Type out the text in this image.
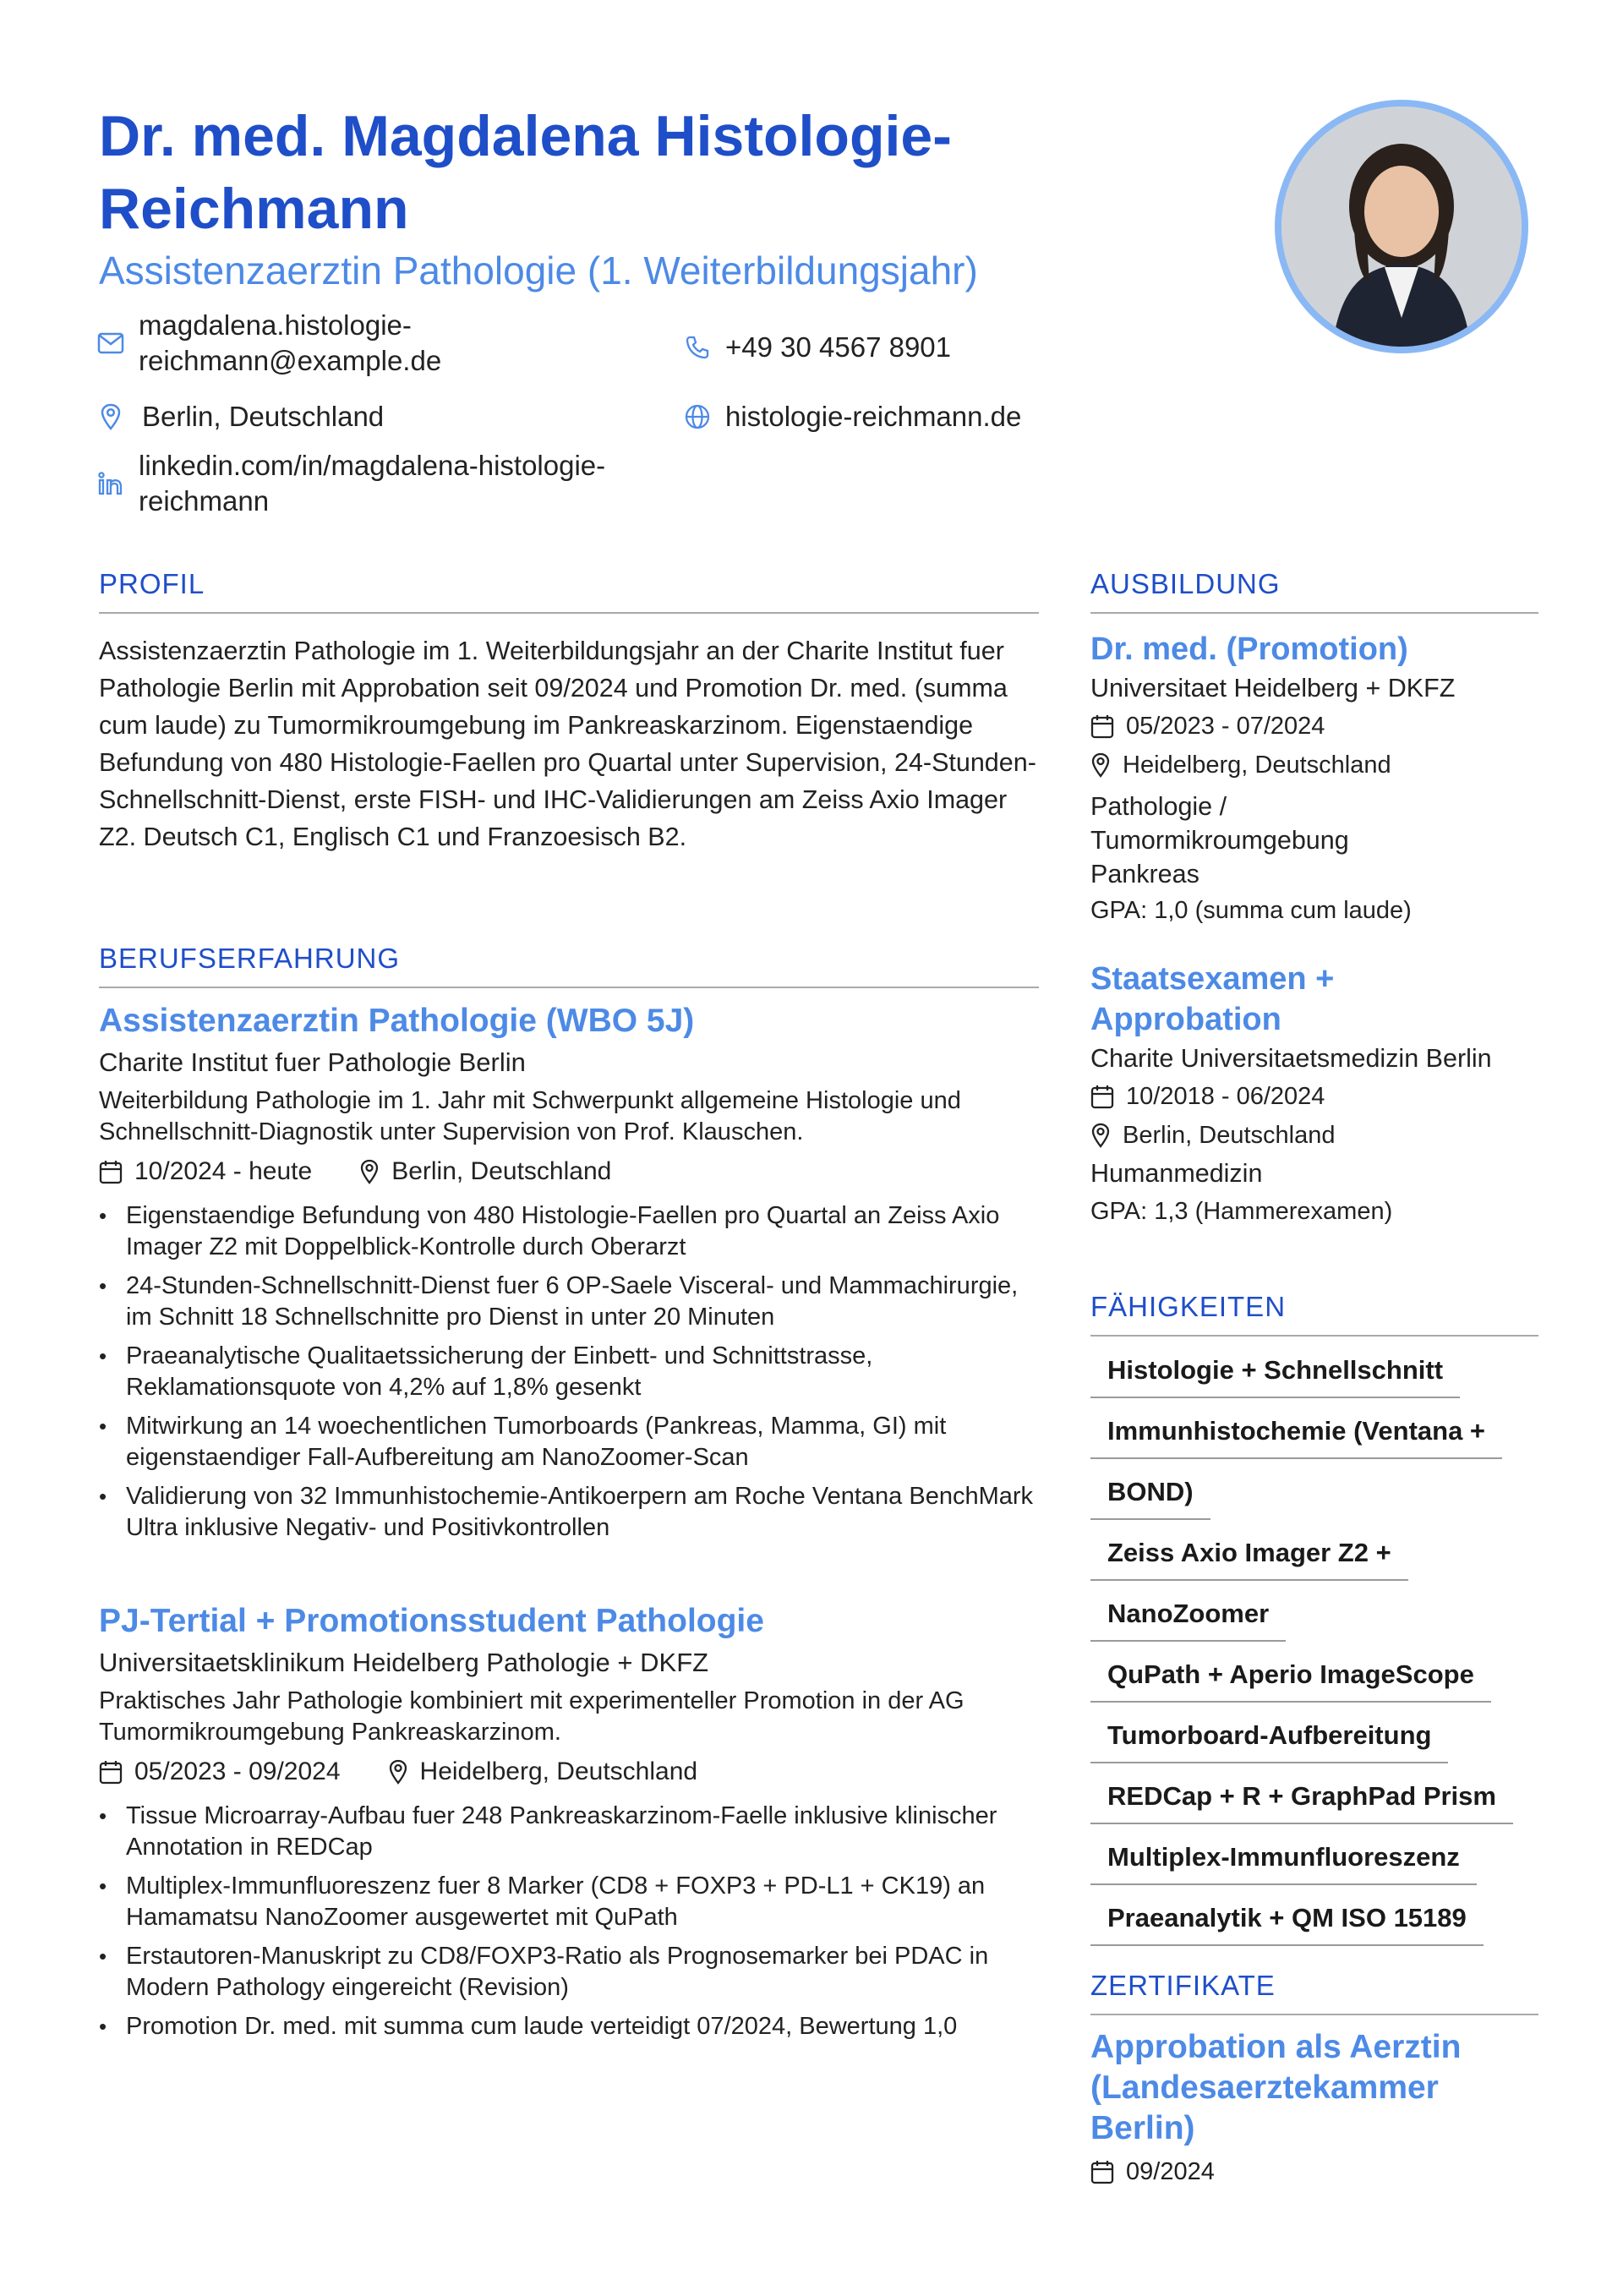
Dr. med. Magdalena Histologie-Reichmann
Assistenzaerztin Pathologie (1. Weiterbildungsjahr)
magdalena.histologie-reichmann@example.de	+49 30 4567 8901
Berlin, Deutschland	histologie-reichmann.de
linkedin.com/in/magdalena-histologie-reichmann
PROFIL
Assistenzaerztin Pathologie im 1. Weiterbildungsjahr an der Charite Institut fuer Pathologie Berlin mit Approbation seit 09/2024 und Promotion Dr. med. (summa cum laude) zu Tumormikroumgebung im Pankreaskarzinom. Eigenstaendige Befundung von 480 Histologie-Faellen pro Quartal unter Supervision, 24-Stunden-Schnellschnitt-Dienst, erste FISH- und IHC-Validierungen am Zeiss Axio Imager Z2. Deutsch C1, Englisch C1 und Franzoesisch B2.
BERUFSERFAHRUNG
Assistenzaerztin Pathologie (WBO 5J)
Charite Institut fuer Pathologie Berlin
Weiterbildung Pathologie im 1. Jahr mit Schwerpunkt allgemeine Histologie und Schnellschnitt-Diagnostik unter Supervision von Prof. Klauschen.
10/2024 - heute	Berlin, Deutschland
• Eigenstaendige Befundung von 480 Histologie-Faellen pro Quartal an Zeiss Axio Imager Z2 mit Doppelblick-Kontrolle durch Oberarzt
• 24-Stunden-Schnellschnitt-Dienst fuer 6 OP-Saele Visceral- und Mammachirurgie, im Schnitt 18 Schnellschnitte pro Dienst in unter 20 Minuten
• Praeanalytische Qualitaetssicherung der Einbett- und Schnittstrasse, Reklamationsquote von 4,2% auf 1,8% gesenkt
• Mitwirkung an 14 woechentlichen Tumorboards (Pankreas, Mamma, GI) mit eigenstaendiger Fall-Aufbereitung am NanoZoomer-Scan
• Validierung von 32 Immunhistochemie-Antikoerpern am Roche Ventana BenchMark Ultra inklusive Negativ- und Positivkontrollen
PJ-Tertial + Promotionsstudent Pathologie
Universitaetsklinikum Heidelberg Pathologie + DKFZ
Praktisches Jahr Pathologie kombiniert mit experimenteller Promotion in der AG Tumormikroumgebung Pankreaskarzinom.
05/2023 - 09/2024	Heidelberg, Deutschland
• Tissue Microarray-Aufbau fuer 248 Pankreaskarzinom-Faelle inklusive klinischer Annotation in REDCap
• Multiplex-Immunfluoreszenz fuer 8 Marker (CD8 + FOXP3 + PD-L1 + CK19) an Hamamatsu NanoZoomer ausgewertet mit QuPath
• Erstautoren-Manuskript zu CD8/FOXP3-Ratio als Prognosemarker bei PDAC in Modern Pathology eingereicht (Revision)
• Promotion Dr. med. mit summa cum laude verteidigt 07/2024, Bewertung 1,0
AUSBILDUNG
Dr. med. (Promotion)
Universitaet Heidelberg + DKFZ
05/2023 - 07/2024
Heidelberg, Deutschland
Pathologie / Tumormikroumgebung Pankreas
GPA: 1,0 (summa cum laude)
Staatsexamen + Approbation
Charite Universitaetsmedizin Berlin
10/2018 - 06/2024
Berlin, Deutschland
Humanmedizin
GPA: 1,3 (Hammerexamen)
FÄHIGKEITEN
Histologie + Schnellschnitt
Immunhistochemie (Ventana +
BOND)
Zeiss Axio Imager Z2 +
NanoZoomer
QuPath + Aperio ImageScope
Tumorboard-Aufbereitung
REDCap + R + GraphPad Prism
Multiplex-Immunfluoreszenz
Praeanalytik + QM ISO 15189
ZERTIFIKATE
Approbation als Aerztin (Landesaerztekammer Berlin)
09/2024
